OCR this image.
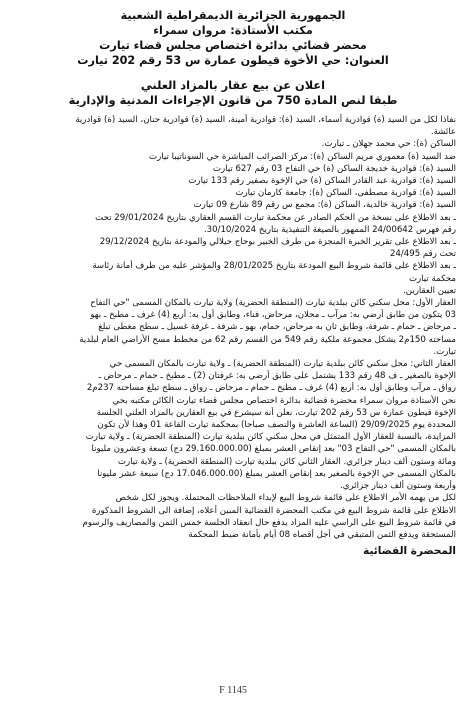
الجمهورية الجزائرية الديمقراطية الشعبية
مكتب الأستاذة: مروان سمراء
محضر قضائي بدائرة اختصاص مجلس قضاء تيارت
العنوان: حي الأخوة قيطون عمارة س 53 رقم 202 تيارت
اعلان عن بيع عقار بالمزاد العلني
طبقا لنص المادة 750 من قانون الإجراءات المدنية والإدارية
نفاذا لكل من السيد (ة) قوادرية أسماء، السيد (ة): قوادرية أمينة، السيد (ة) قوادرية حنان، السيد (ة) قوادرية
عائشة.
الساكن (ة): حي محمد جهلان ـ تيارت.
ضد السيد (ة) معموري مريم الساكن (ة): مركز الصرائب المباشرة حي السوناتيبا تيارت
السيد (ة): قوادرية خديجة الساكن (ة) حي التفاح 03 رقم 627 تيارت
السيد (ة): قوادرية عبد القادر الساكن (ة) حي الإخوة بصفير رقم 133 تيارت
السيد (ة): قوادرية مصطفى، الساكن (ة): جامعة كارمان تيارت
السيد (ة): قوادرية خالدية، الساكن (ة): مجمع س رقم 89 شارع 09 تيارت
ـ بعد الاطلاع على نسخة من الحكم الصادر عن محكمة تيارت القسم العقاري بتاريخ 29/01/2024 تحت
رقم فهرس 24/00642 الممهور بالصيغة التنفيذية بتاريخ 30/10/2024.
ـ بعد الاطلاع على تقرير الخبرة المنجزة من طرف الخبير بوحاج حيلالي والمودعة بتاريخ 29/12/2024
تحت رقم 24/495
ـ بعد الاطلاع على قائمة شروط البيع المودعة بتاريخ 28/01/2025 والمؤشر عليه من طرف أمانة رئاسة
محكمة تيارت
تعيين العقارين.
العقار الأول: محل سكني كائن ببلدية تيارت (المنطقة الحضرية) ولاية تيارت بالمكان المسمى "حي التفاح
03 يتكون من طابق أرضي به: مرآب ـ محلان، مرحاض، فناء، وطابق أول به: أربع (4) غرف ـ مطبخ ـ بهو
ـ مرحاض ـ حمام ـ شرفة، وطابق ثان به مرحاض، حمام، بهو ـ شرفة ـ غرفة غسيل ـ سطح مغطى تبلغ
مساحته 150م2 يشكل مجموعة ملكية رقم 549 من القسم رقم 62 من مخطط مسح الأراضي العام لبلدية
تيارت.
العقار الثاني: محل سكني كائن ببلدية تيارت (المنطقة الحضرية) ـ ولاية تيارت بالمكان المسمى حي
الإخوة بالصغير ـ ف 48 رقم 133 يشتمل على طابق أرضي به: غرفتان (2) ـ مطبخ ـ حمام ـ مرحاض ـ
رواق ـ مرآب وطابق أول به: أربع (4) غرف ـ مطبخ ـ حمام ـ مرحاض ـ رواق ـ سطح تبلغ مساحته 237م2
نحن الأستاذة مروان سمراء محضرة قضائية بدائرة اختصاص مجلس قضاء تيارت الكائن مكتبه بحي
الإخوة قيطون عمارة س 53 رقم 202 تيارت، نعلن أنه سيشرع في بيع العقارين بالمزاد العلني الجلسة
المحددة يوم 29/09/2025 (الساعة العاشرة والنصف صباحا) بمحكمة تيارت القاعة 01 وهذا لأن تكون
المزايدة، بالنسبة للعقار الأول المتمثل في محل سكني كائن ببلدية تيارت (المنطقة الحضرية) ـ ولاية تيارت
بالمكان المسمى "حي التفاح 03" بعد إنقاص العشر بمبلغ (29.160.000.00 دج) تسعة وعشرون مليونا
ومائة وستون ألف دينار جزائري. العقار الثاني كائن ببلدية تيارت (المنطقة الحضرية) ـ ولاية تيارت
بالمكان المسمى حي الإخوة بالصغير بعد إنقاص العشر بمبلغ (17.046.000.00 دج) سبعة عشر مليونا
وأربعة وستون ألف دينار جزائري.
لكل من يهمه الأمر الاطلاع على قائمة شروط البيع لإبداء الملاحظات المحتملة. ويجوز لكل شخص
الاطلاع على قائمة شروط البيع في مكتب المحضرة القضائية المبين أعلاه، إضافة الى الشروط المذكورة
في قائمة شروط البيع على الراسي عليه المزاد يدفع حال انعقاد الجلسة خمس الثمن والمصاريف والرسوم
المستحقة ويدفع الثمن المتبقي في أجل أقصاه 08 أيام بأمانة ضبط المحكمة
المحضرة القضائية
F 1145
